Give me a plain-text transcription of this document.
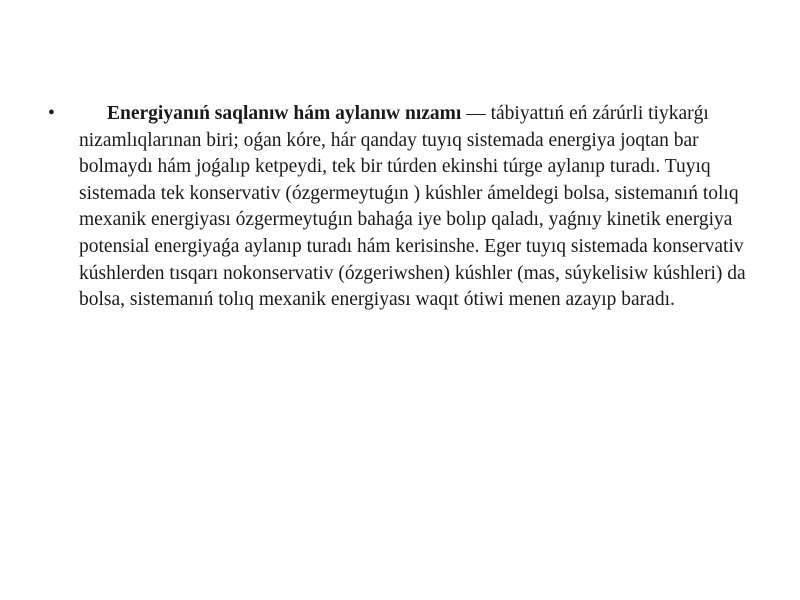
•	Energiyanıń saqlanıw hám aylanıw nızamı — tábiyattıń eń zárúrli tiykarǵı nizamlıqlarınan biri; oǵan kóre, hár qanday tuyıq sistemada energiya joqtan bar bolmaydı hám joǵalıp ketpeydi, tek bir túrden ekinshi túrge aylanıp turadı. Tuyıq sistemada tek konservativ (ózgermeytuǵın ) kúshler ámeldegi bolsa, sistemanıń tolıq mexanik energiyası ózgermeytuǵın bahaǵa iye bolıp qaladı, yaǵnıy kinetik energiya potensial energiyaǵa aylanıp turadı hám kerisinshe. Eger tuyıq sistemada konservativ kúshlerden tısqarı nokonservativ (ózgeriwshen) kúshler (mas, súykelisiw kúshleri) da bolsa, sistemanıń tolıq mexanik energiyası waqıt ótiwi menen azayıp baradı.
